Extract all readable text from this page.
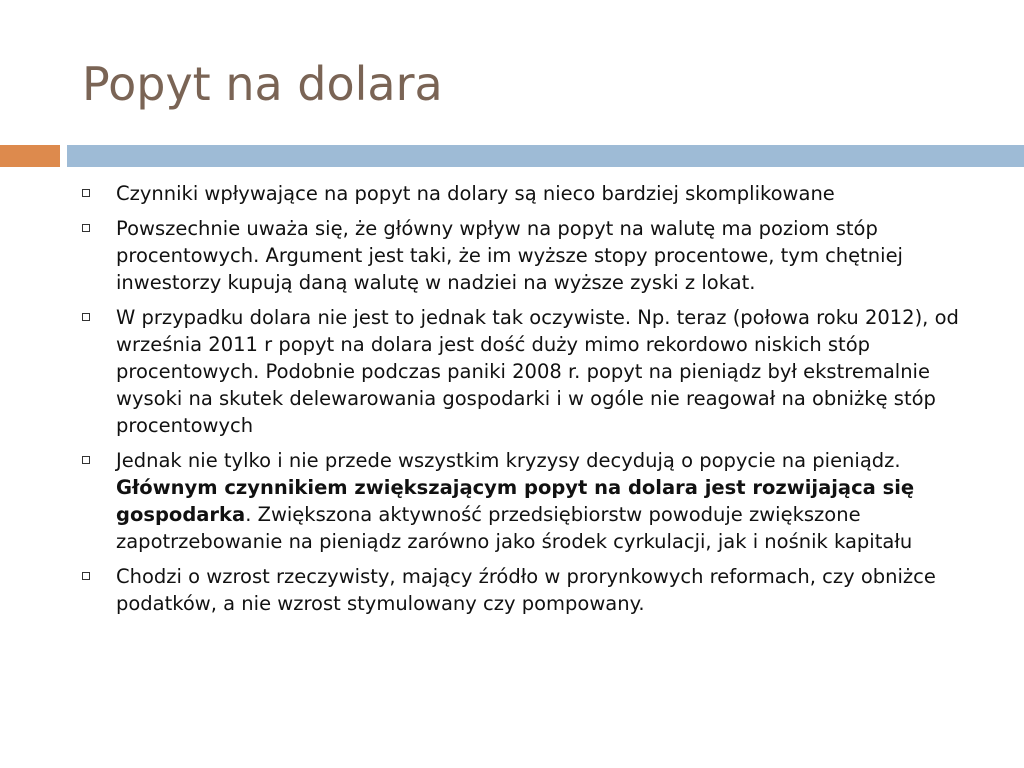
Popyt na dolara
Czynniki wpływające na popyt na dolary są nieco bardziej skomplikowane
Powszechnie uważa się, że główny wpływ na popyt na walutę ma poziom stóp procentowych. Argument jest taki, że im wyższe stopy procentowe, tym chętniej inwestorzy kupują daną walutę w nadziei na wyższe zyski z lokat.
W przypadku dolara nie jest to jednak tak oczywiste. Np. teraz (połowa roku 2012), od września 2011 r popyt na dolara jest dość duży mimo rekordowo niskich stóp procentowych. Podobnie podczas paniki 2008 r. popyt na pieniądz był ekstremalnie wysoki na skutek delewarowania gospodarki i w ogóle nie reagował na obniżkę stóp procentowych
Jednak nie tylko i nie przede wszystkim kryzysy decydują o popycie na pieniądz. Głównym czynnikiem zwiększającym popyt na dolara jest rozwijająca się gospodarka. Zwiększona aktywność przedsiębiorstw powoduje zwiększone zapotrzebowanie na pieniądz zarówno jako środek cyrkulacji, jak i nośnik kapitału
Chodzi o wzrost rzeczywisty, mający źródło w prorynkowych reformach, czy obniżce podatków, a nie wzrost stymulowany czy pompowany.
